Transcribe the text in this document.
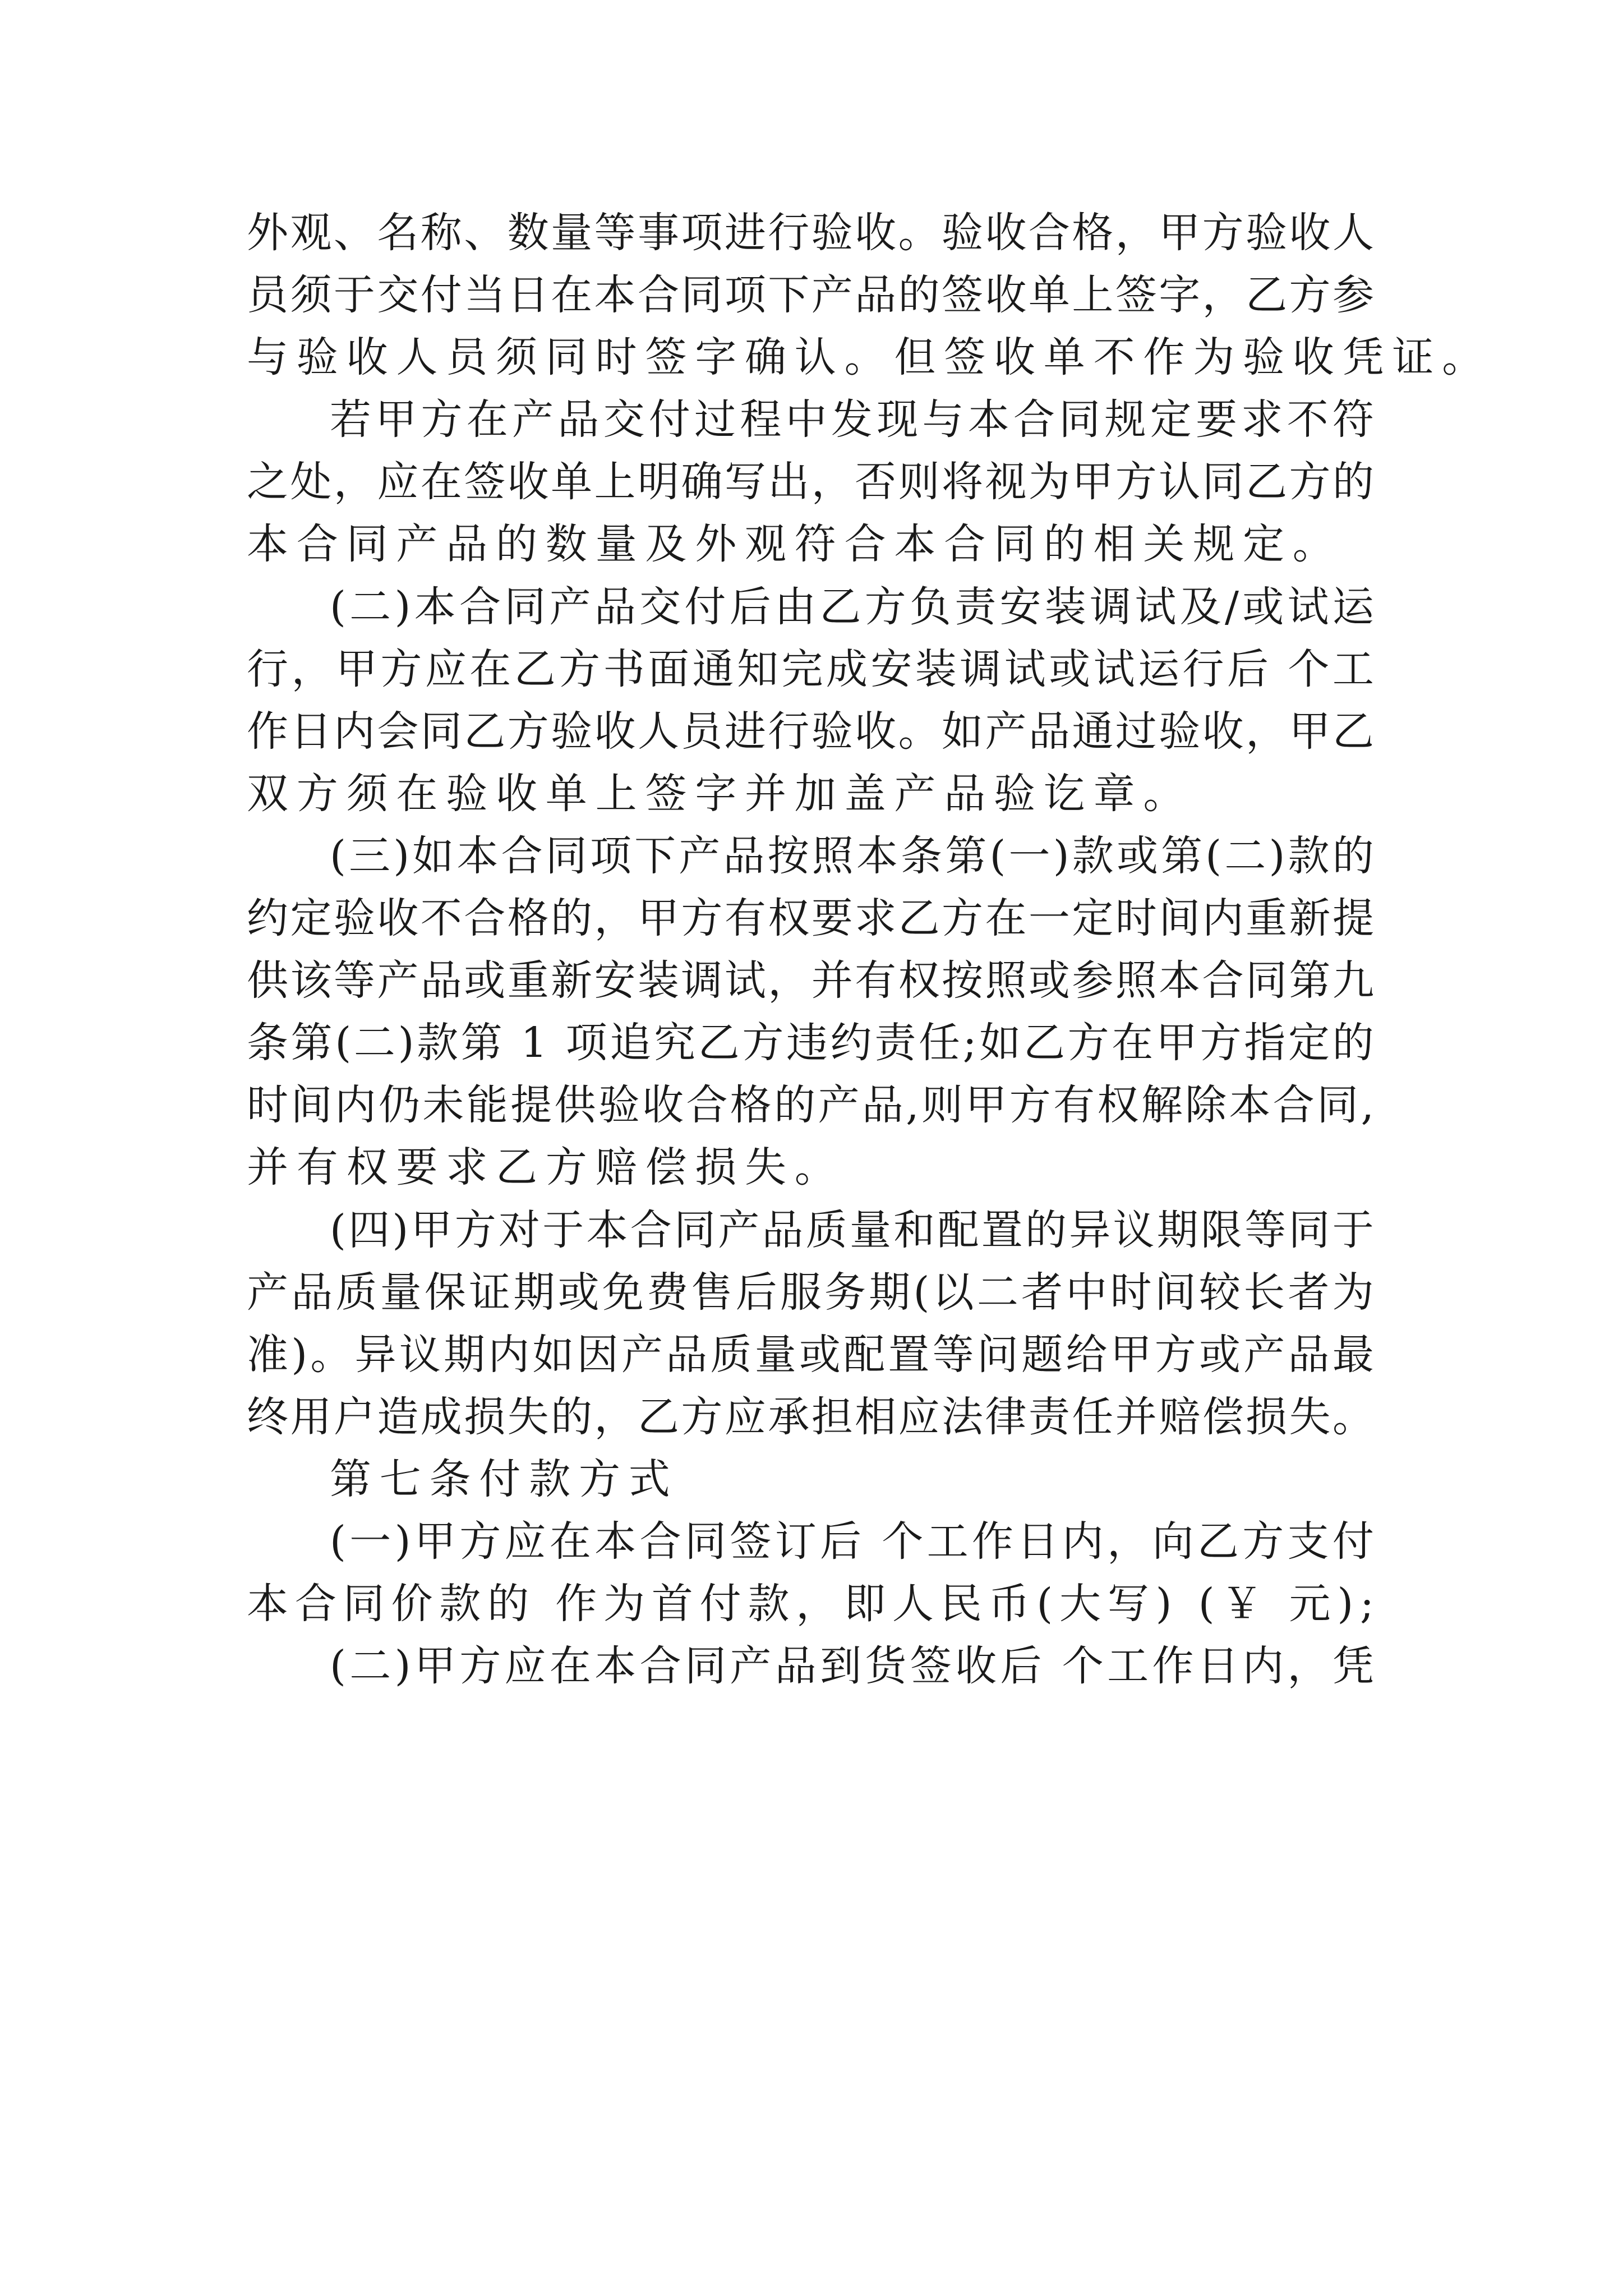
外 观 、 名 称 、 数 量 等 事 项 进 行 验 收 。 验 收 合 格 ， 甲 方 验 收 人
员 须 于 交 付 当 日 在 本 合 同 项 下 产 品 的 签 收 单 上 签 字 ， 乙 方 参
与验收人员须同时签字确认。但签收单不作为验收凭证。
若 甲 方 在 产 品 交 付 过 程 中 发 现 与 本 合 同 规 定 要 求 不 符
之 处 ， 应 在 签 收 单 上 明 确 写 出 ， 否 则 将 视 为 甲 方 认 同 乙 方 的
本合同产品的数量及外观符合本合同的相关规定。
( 二 ) 本 合 同 产 品 交 付 后 由 乙 方 负 责 安 装 调 试 及 / 或 试 运
行 ， 甲 方 应 在 乙 方 书 面 通 知 完 成 安 装 调 试 或 试 运 行 后
个 工
作 日 内 会 同 乙 方 验 收 人 员 进 行 验 收 。 如 产 品 通 过 验 收 ， 甲 乙
双方须在验收单上签字并加盖产品验讫章。
( 三 ) 如 本 合 同 项 下 产 品 按 照 本 条 第 ( 一 ) 款 或 第 ( 二 ) 款 的
约 定 验 收 不 合 格 的 ， 甲 方 有 权 要 求 乙 方 在 一 定 时 间 内 重 新 提
供 该 等 产 品 或 重 新 安 装 调 试 ， 并 有 权 按 照 或 参 照 本 合 同 第 九
条 第 ( 二 ) 款 第
1
项 追 究 乙 方 违 约 责 任 ; 如 乙 方 在 甲 方 指 定 的
时 间 内 仍 未 能 提 供 验 收 合 格 的 产 品 , 则 甲 方 有 权 解 除 本 合 同 ,
并有权要求乙方赔偿损失。
( 四 ) 甲 方 对 于 本 合 同 产 品 质 量 和 配 置 的 异 议 期 限 等 同 于
产 品 质 量 保 证 期 或 免 费 售 后 服 务 期 ( 以 二 者 中 时 间 较 长 者 为
准 ) 。 异 议 期 内 如 因 产 品 质 量 或 配 置 等 问 题 给 甲 方 或 产 品 最
终 用 户 造 成 损 失 的 ， 乙 方 应 承 担 相 应 法 律 责 任 并 赔 偿 损 失 。
第七条付款方式
( 一 ) 甲 方 应 在 本 合 同 签 订 后
个 工 作 日 内 ， 向 乙 方 支 付
本 合 同 价 款 的
作 为 首 付 款 ， 即 人 民 币 ( 大 写 )
( ￥
元 ) ;
( 二 ) 甲 方 应 在 本 合 同 产 品 到 货 签 收 后
个 工 作 日 内 ， 凭
